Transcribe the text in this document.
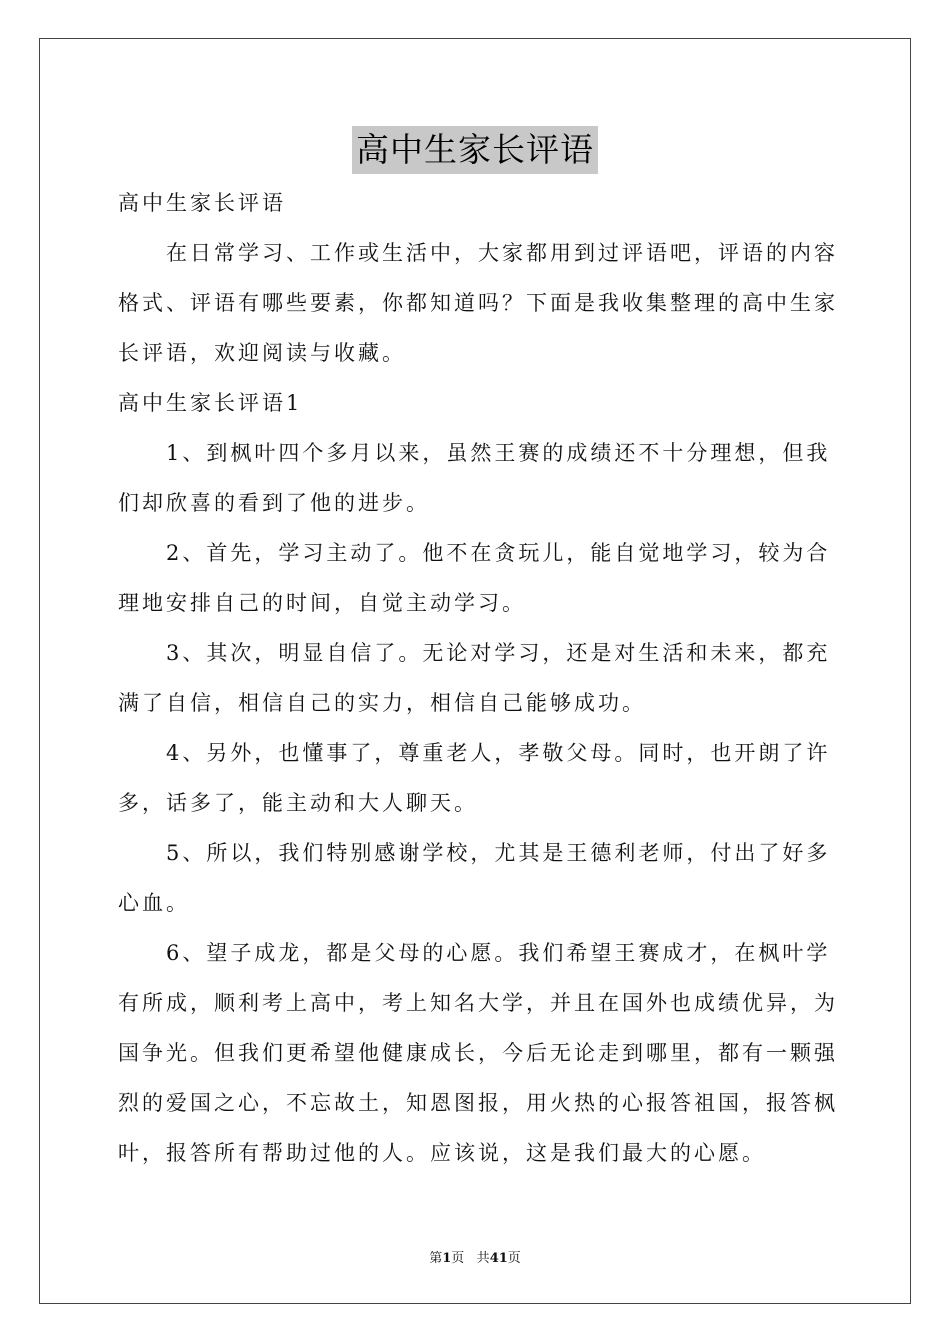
高中生家长评语
高中生家长评语
在日常学习、工作或生活中，大家都用到过评语吧，评语的内容
格式、评语有哪些要素，你都知道吗？下面是我收集整理的高中生家
长评语，欢迎阅读与收藏。
高中生家长评语1
1、到枫叶四个多月以来，虽然王赛的成绩还不十分理想，但我
们却欣喜的看到了他的进步。
2、首先，学习主动了。他不在贪玩儿，能自觉地学习，较为合
理地安排自己的时间，自觉主动学习。
3、其次，明显自信了。无论对学习，还是对生活和未来，都充
满了自信，相信自己的实力，相信自己能够成功。
4、另外，也懂事了，尊重老人，孝敬父母。同时，也开朗了许
多，话多了，能主动和大人聊天。
5、所以，我们特别感谢学校，尤其是王德利老师，付出了好多
心血。
6、望子成龙，都是父母的心愿。我们希望王赛成才，在枫叶学
有所成，顺利考上高中，考上知名大学，并且在国外也成绩优异，为
国争光。但我们更希望他健康成长，今后无论走到哪里，都有一颗强
烈的爱国之心，不忘故土，知恩图报，用火热的心报答祖国，报答枫
叶，报答所有帮助过他的人。应该说，这是我们最大的心愿。
第1页 共41页
